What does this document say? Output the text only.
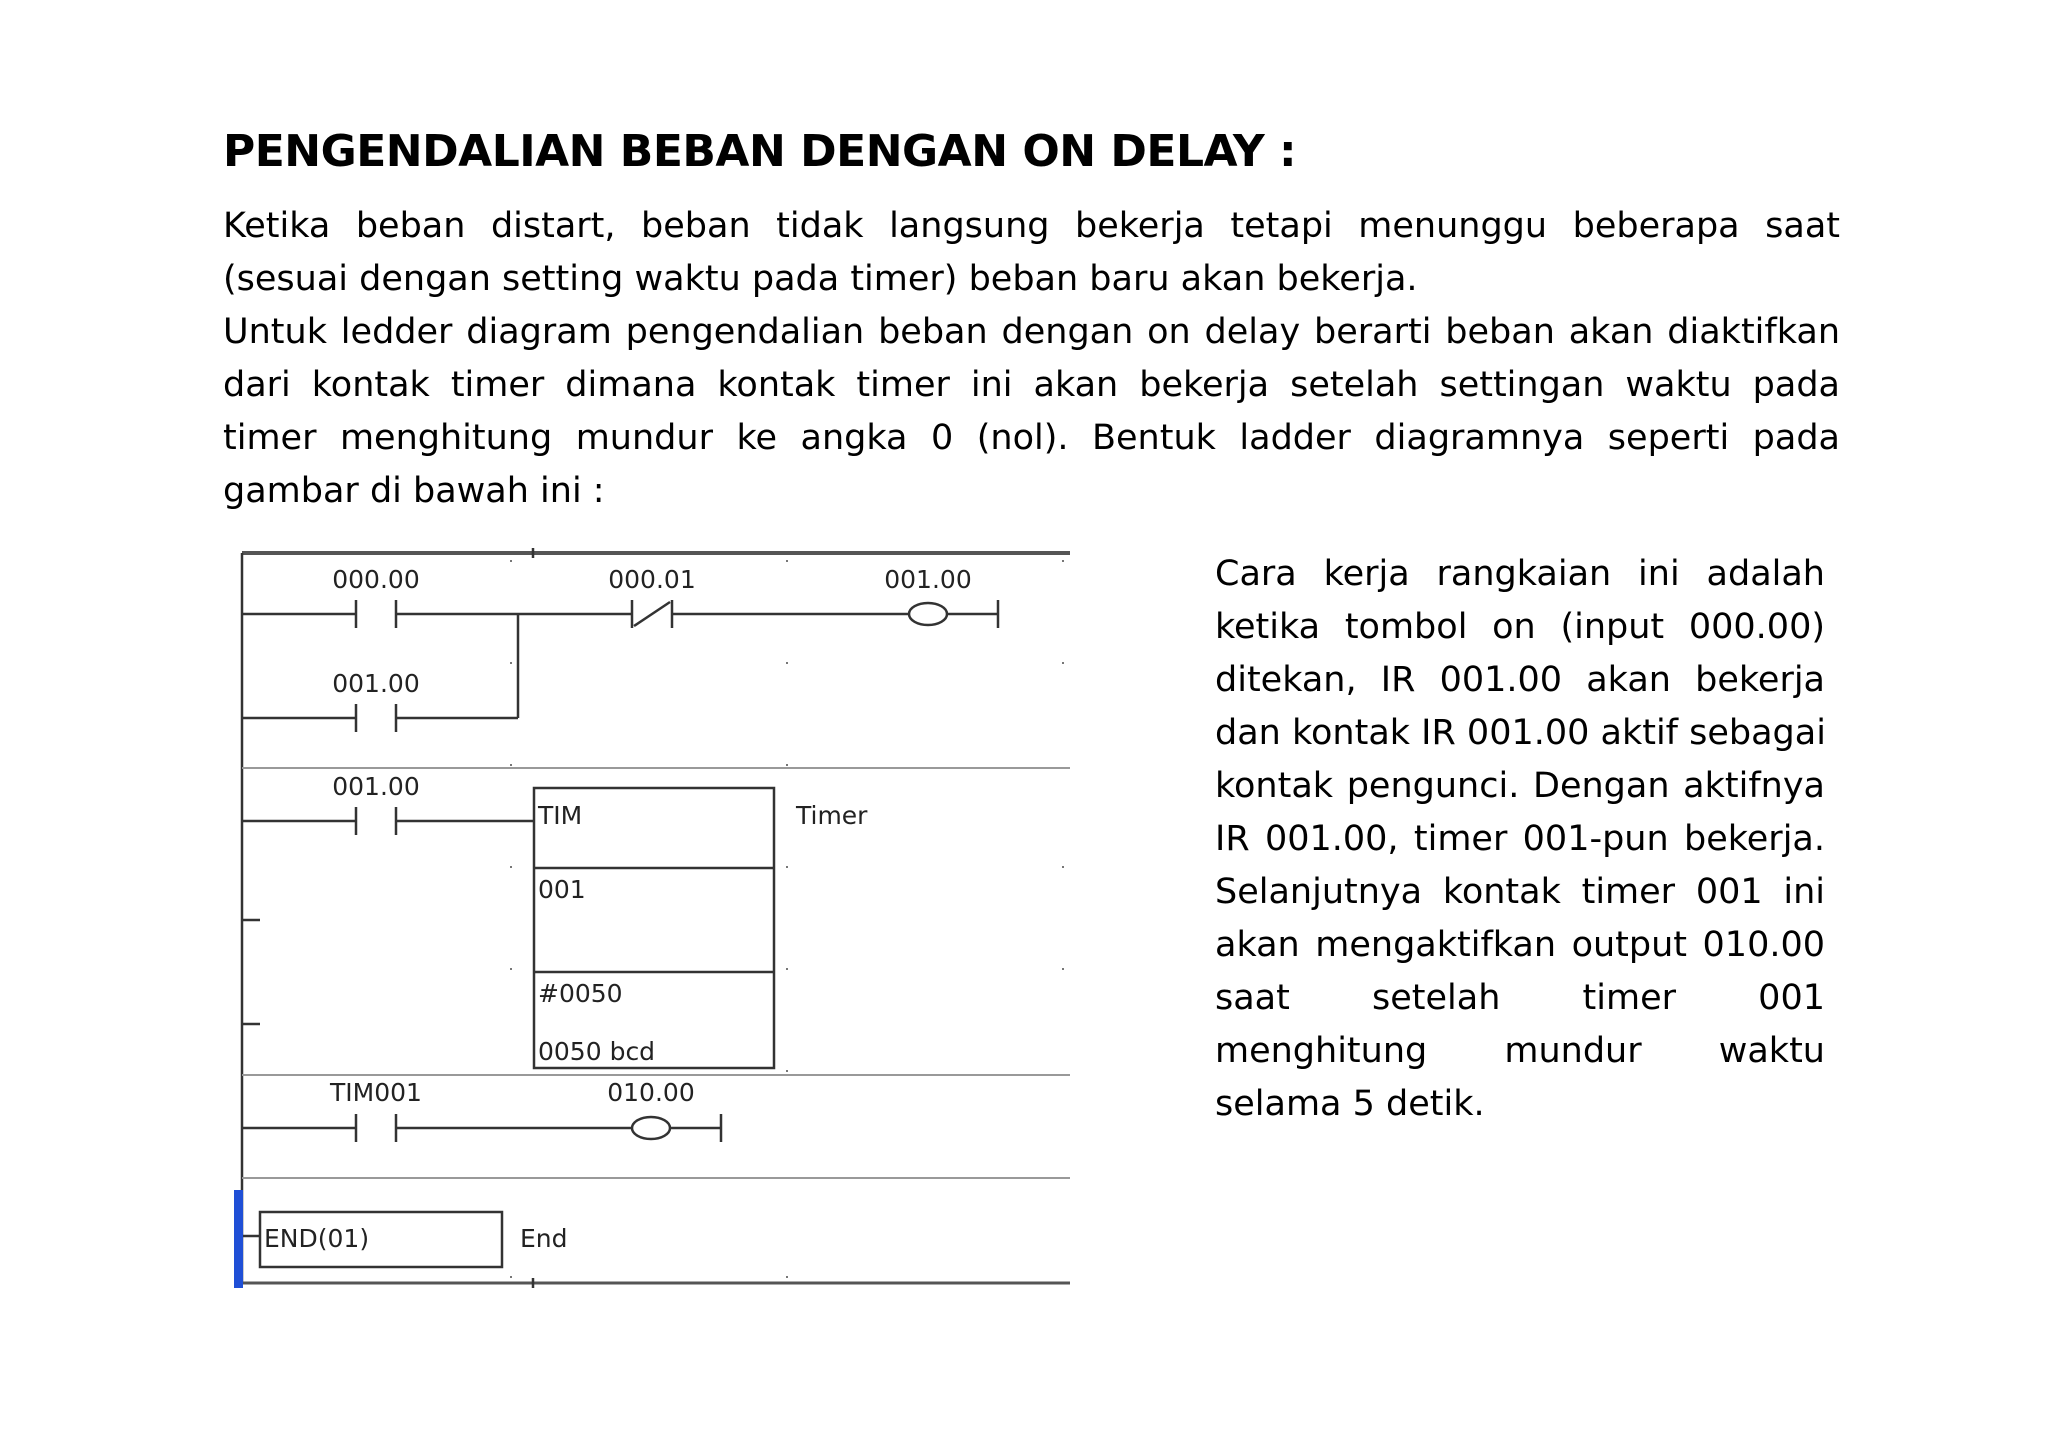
PENGENDALIAN BEBAN DENGAN ON DELAY :
Ketika beban distart, beban tidak langsung bekerja tetapi menunggu beberapa saat
(sesuai dengan setting waktu pada timer) beban baru akan bekerja.
Untuk ledder diagram pengendalian beban dengan on delay berarti beban akan diaktifkan
dari kontak timer dimana kontak timer ini akan bekerja setelah settingan waktu pada
timer menghitung mundur ke angka 0 (nol). Bentuk ladder diagramnya seperti pada
gambar di bawah ini :
000.00	000.01	001.00
001.00
001.00
TIM
001
#0050
0050 bcd
Timer
TIM001	010.00
END(01)	End
Cara kerja rangkaian ini adalah
ketika tombol on (input 000.00)
ditekan, IR 001.00 akan bekerja
dan kontak IR 001.00 aktif sebagai
kontak pengunci. Dengan aktifnya
IR 001.00, timer 001-pun bekerja.
Selanjutnya kontak timer 001 ini
akan mengaktifkan output 010.00
saat setelah timer 001
menghitung mundur waktu
selama 5 detik.
